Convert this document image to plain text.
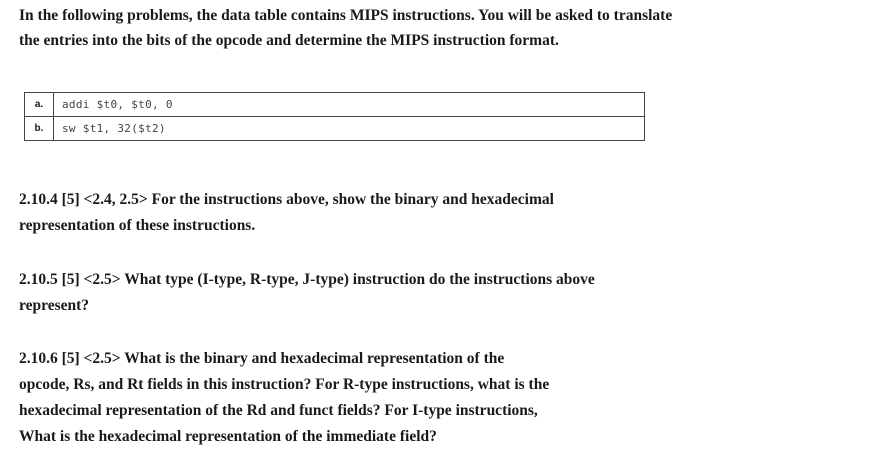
In the following problems, the data table contains MIPS instructions. You will be asked to translate
the entries into the bits of the opcode and determine the MIPS instruction format.

a.	addi $t0, $t0, 0
b.	sw $t1, 32($t2)

2.10.4 [5] <2.4, 2.5> For the instructions above, show the binary and hexadecimal
representation of these instructions.

2.10.5 [5] <2.5> What type (I-type, R-type, J-type) instruction do the instructions above
represent?

2.10.6 [5] <2.5> What is the binary and hexadecimal representation of the
opcode, Rs, and Rt fields in this instruction? For R-type instructions, what is the
hexadecimal representation of the Rd and funct fields? For I-type instructions,
What is the hexadecimal representation of the immediate field?
